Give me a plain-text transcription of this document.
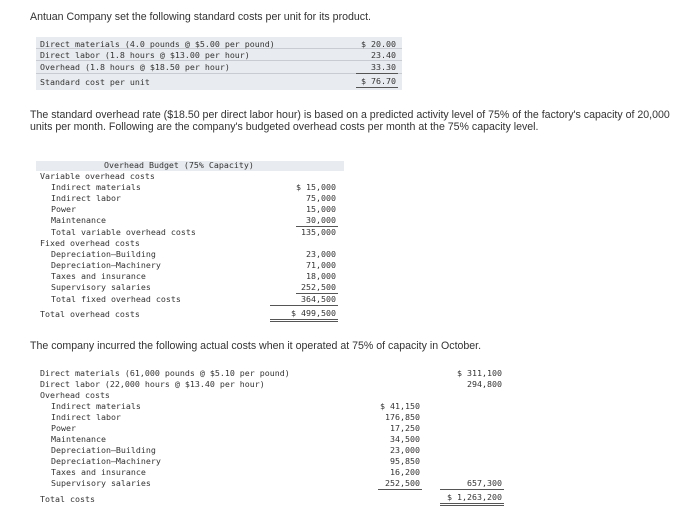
Antuan Company set the following standard costs per unit for its product.

Direct materials (4.0 pounds @ $5.00 per pound)	$ 20.00
Direct labor (1.8 hours @ $13.00 per hour)	23.40
Overhead (1.8 hours @ $18.50 per hour)	33.30
Standard cost per unit	$ 76.70

The standard overhead rate ($18.50 per direct labor hour) is based on a predicted activity level of 75% of the factory's capacity of 20,000 units per month. Following are the company's budgeted overhead costs per month at the 75% capacity level.

Overhead Budget (75% Capacity)
Variable overhead costs
Indirect materials	$ 15,000
Indirect labor	75,000
Power	15,000
Maintenance	30,000
Total variable overhead costs	135,000
Fixed overhead costs
Depreciation—Building	23,000
Depreciation—Machinery	71,000
Taxes and insurance	18,000
Supervisory salaries	252,500
Total fixed overhead costs	364,500
Total overhead costs	$ 499,500

The company incurred the following actual costs when it operated at 75% of capacity in October.

Direct materials (61,000 pounds @ $5.10 per pound)	$ 311,100
Direct labor (22,000 hours @ $13.40 per hour)	294,800
Overhead costs
Indirect materials	$ 41,150
Indirect labor	176,850
Power	17,250
Maintenance	34,500
Depreciation—Building	23,000
Depreciation—Machinery	95,850
Taxes and insurance	16,200
Supervisory salaries	252,500	657,300
Total costs	$ 1,263,200
